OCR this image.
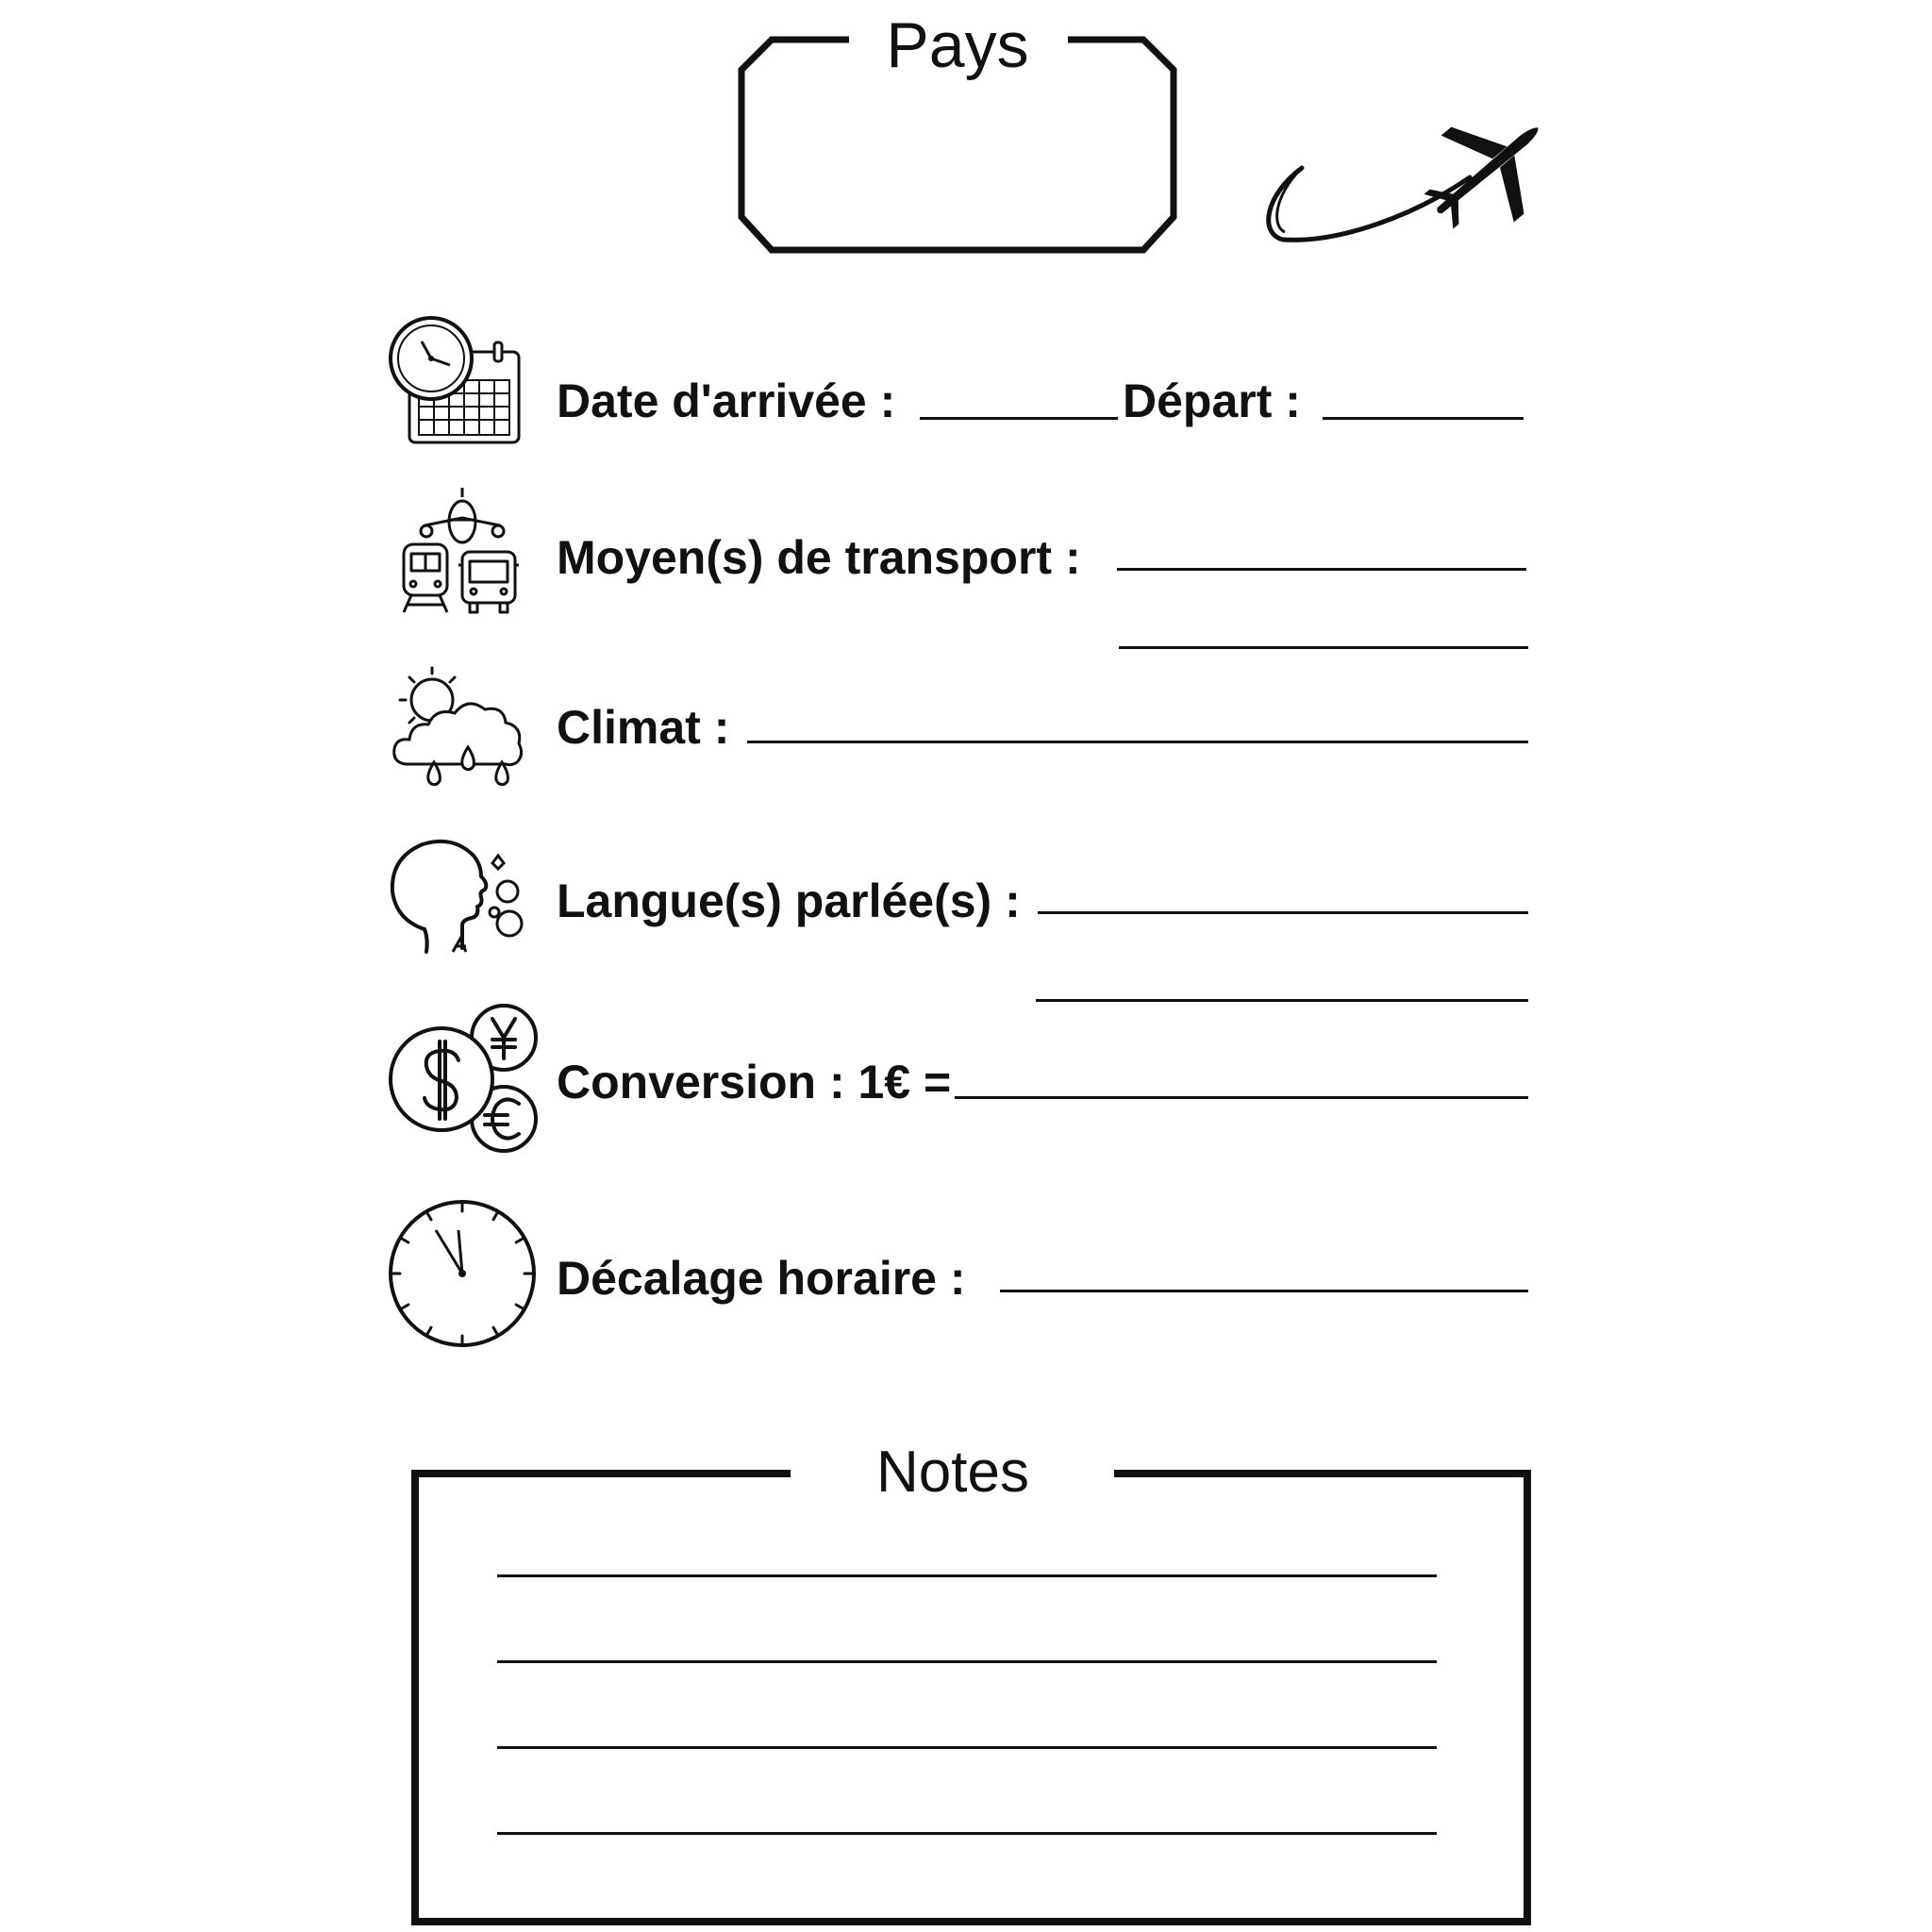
Pays
Date d'arrivée :	Départ :
Moyen(s) de transport :
Climat :
Langue(s) parlée(s) :
Conversion : 1€ =
Décalage horaire :
Notes
